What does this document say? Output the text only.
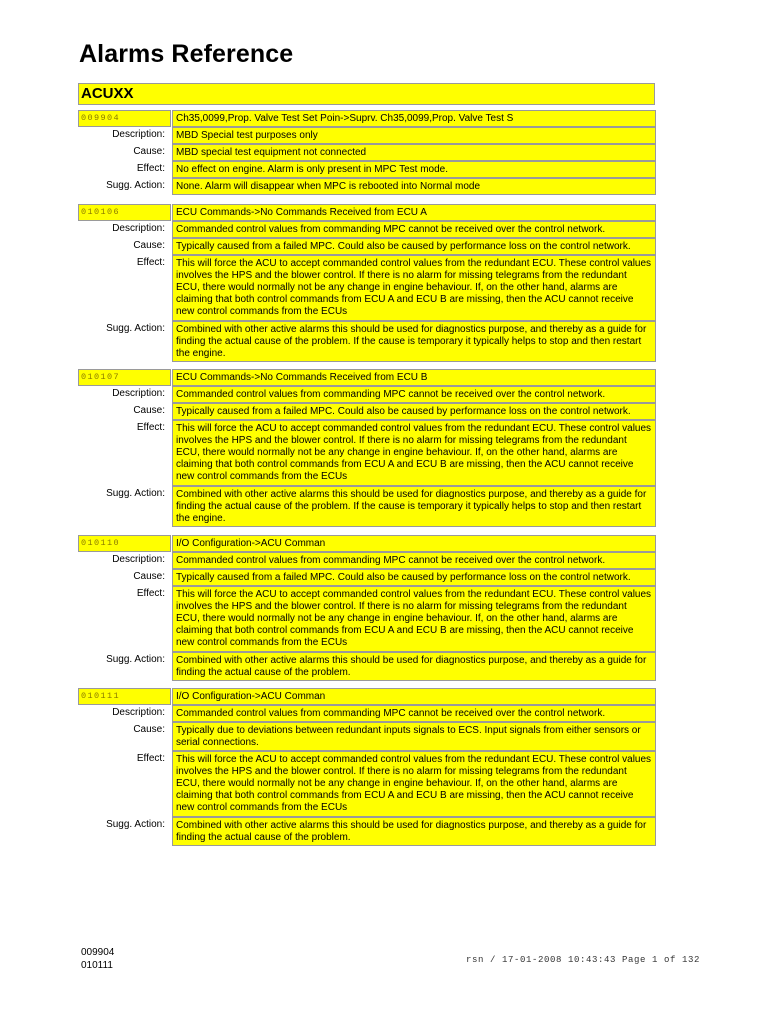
Alarms Reference
ACUXX
009904	Ch35,0099,Prop. Valve Test Set Poin->Suprv. Ch35,0099,Prop. Valve Test S
Description:	MBD Special test purposes only
Cause:	MBD special test equipment not connected
Effect:	No effect on engine. Alarm is only present in MPC Test mode.
Sugg. Action:	None. Alarm will disappear when MPC is rebooted into Normal mode
010106	ECU Commands->No Commands Received from ECU A
Description:	Commanded control values from commanding MPC cannot be received over the control network.
Cause:	Typically caused from a failed MPC. Could also be caused by performance loss on the control network.
Effect:	This will force the ACU to accept commanded control values from the redundant ECU. These control values involves the HPS and the blower control. If there is no alarm for missing telegrams from the redundant ECU, there would normally not be any change in engine behaviour. If, on the other hand, alarms are claiming that both control commands from ECU A and ECU B are missing, then the ACU cannot receive new control commands from the ECUs
Sugg. Action:	Combined with other active alarms this should be used for diagnostics purpose, and thereby as a guide for finding the actual cause of the problem. If the cause is temporary it typically helps to stop and then restart the engine.
010107	ECU Commands->No Commands Received from ECU B
Description:	Commanded control values from commanding MPC cannot be received over the control network.
Cause:	Typically caused from a failed MPC. Could also be caused by performance loss on the control network.
Effect:	This will force the ACU to accept commanded control values from the redundant ECU. These control values involves the HPS and the blower control. If there is no alarm for missing telegrams from the redundant ECU, there would normally not be any change in engine behaviour. If, on the other hand, alarms are claiming that both control commands from ECU A and ECU B are missing, then the ACU cannot receive new control commands from the ECUs
Sugg. Action:	Combined with other active alarms this should be used for diagnostics purpose, and thereby as a guide for finding the actual cause of the problem. If the cause is temporary it typically helps to stop and then restart the engine.
010110	I/O Configuration->ACU Comman
Description:	Commanded control values from commanding MPC cannot be received over the control network.
Cause:	Typically caused from a failed MPC. Could also be caused by performance loss on the control network.
Effect:	This will force the ACU to accept commanded control values from the redundant ECU. These control values involves the HPS and the blower control. If there is no alarm for missing telegrams from the redundant ECU, there would normally not be any change in engine behaviour. If, on the other hand, alarms are claiming that both control commands from ECU A and ECU B are missing, then the ACU cannot receive new control commands from the ECUs
Sugg. Action:	Combined with other active alarms this should be used for diagnostics purpose, and thereby as a guide for finding the actual cause of the problem.
010111	I/O Configuration->ACU Comman
Description:	Commanded control values from commanding MPC cannot be received over the control network.
Cause:	Typically due to deviations between redundant inputs signals to ECS. Input signals from either sensors or serial connections.
Effect:	This will force the ACU to accept commanded control values from the redundant ECU. These control values involves the HPS and the blower control. If there is no alarm for missing telegrams from the redundant ECU, there would normally not be any change in engine behaviour. If, on the other hand, alarms are claiming that both control commands from ECU A and ECU B are missing, then the ACU cannot receive new control commands from the ECUs
Sugg. Action:	Combined with other active alarms this should be used for diagnostics purpose, and thereby as a guide for finding the actual cause of the problem.
009904
010111	rsn / 17-01-2008 10:43:43 Page 1 of 132
